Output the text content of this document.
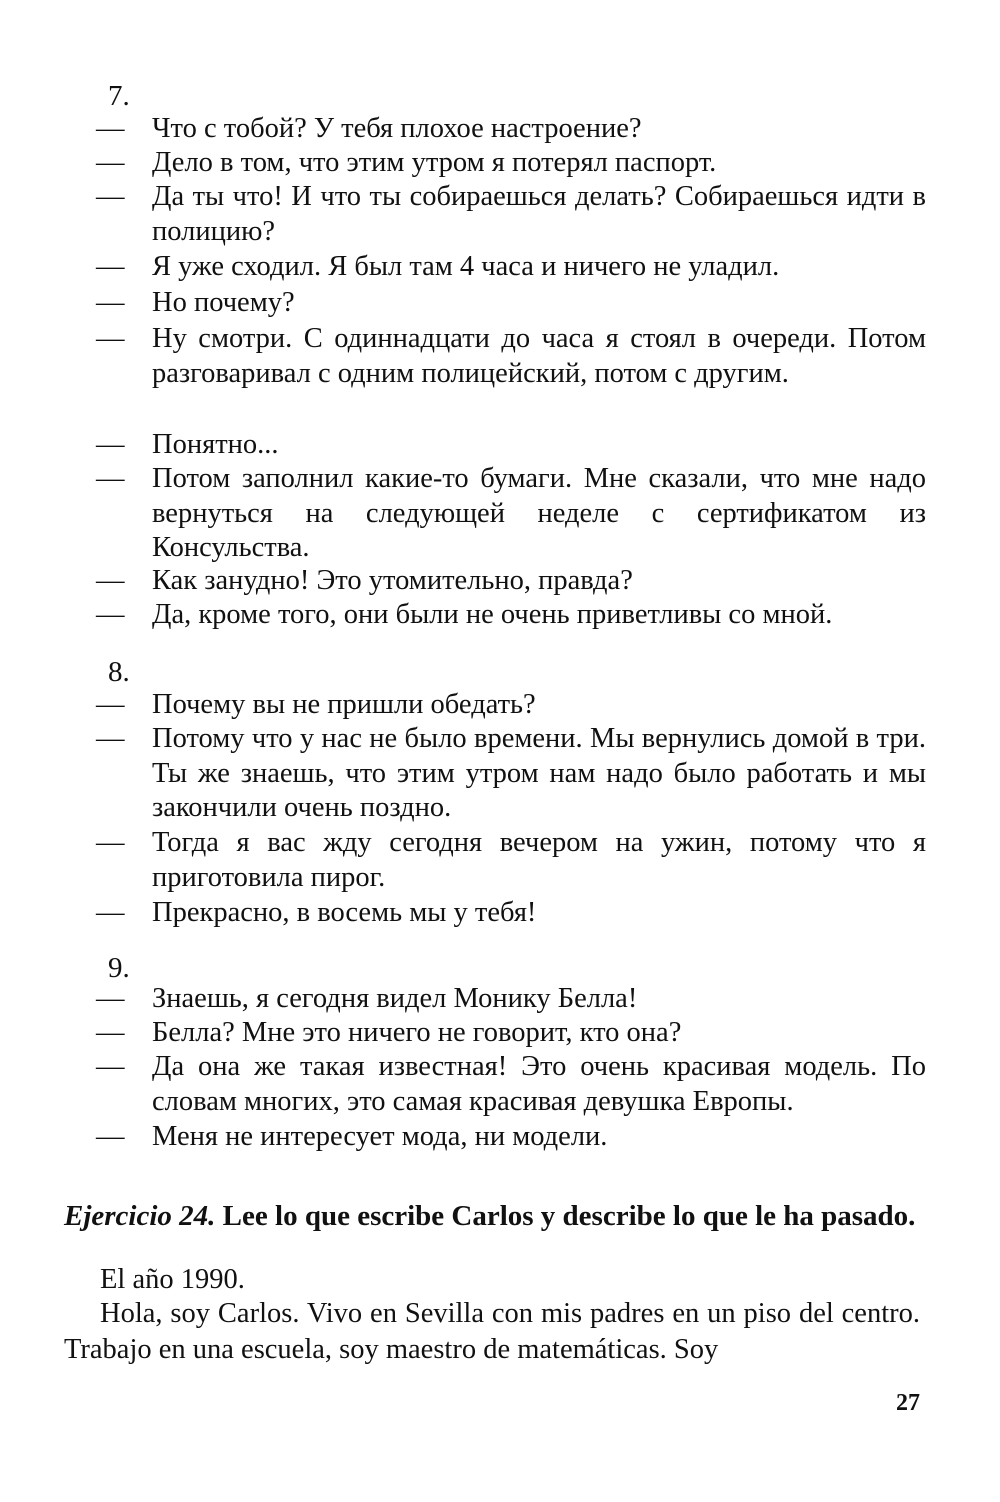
7.

— Что с тобой? У тебя плохое настроение?
— Дело в том, что этим утром я потерял паспорт.
— Да ты что! И что ты собираешься делать? Собираешься идти в полицию?
— Я уже сходил. Я был там 4 часа и ничего не уладил.
— Но почему?
— Ну смотри. С одиннадцати до часа я стоял в очереди. Потом разговаривал с одним полицейский, потом с другим.
— Понятно...
— Потом заполнил какие-то бумаги. Мне сказали, что мне надо вернуться на следующей неделе с сертификатом из Консульства.
— Как занудно! Это утомительно, правда?
— Да, кроме того, они были не очень приветливы со мной.

8.

— Почему вы не пришли обедать?
— Потому что у нас не было времени. Мы вернулись домой в три. Ты же знаешь, что этим утром нам надо было работать и мы закончили очень поздно.
— Тогда я вас жду сегодня вечером на ужин, потому что я приготовила пирог.
— Прекрасно, в восемь мы у тебя!

9.

— Знаешь, я сегодня видел Монику Белла!
— Белла? Мне это ничего не говорит, кто она?
— Да она же такая известная! Это очень красивая модель. По словам многих, это самая красивая девушка Европы.
— Меня не интересует мода, ни модели.

Ejercicio 24. Lee lo que escribe Carlos y describe lo que le ha pasado.

El año 1990.

Hola, soy Carlos. Vivo en Sevilla con mis padres en un piso del centro. Trabajo en una escuela, soy maestro de matemáticas. Soy

27
